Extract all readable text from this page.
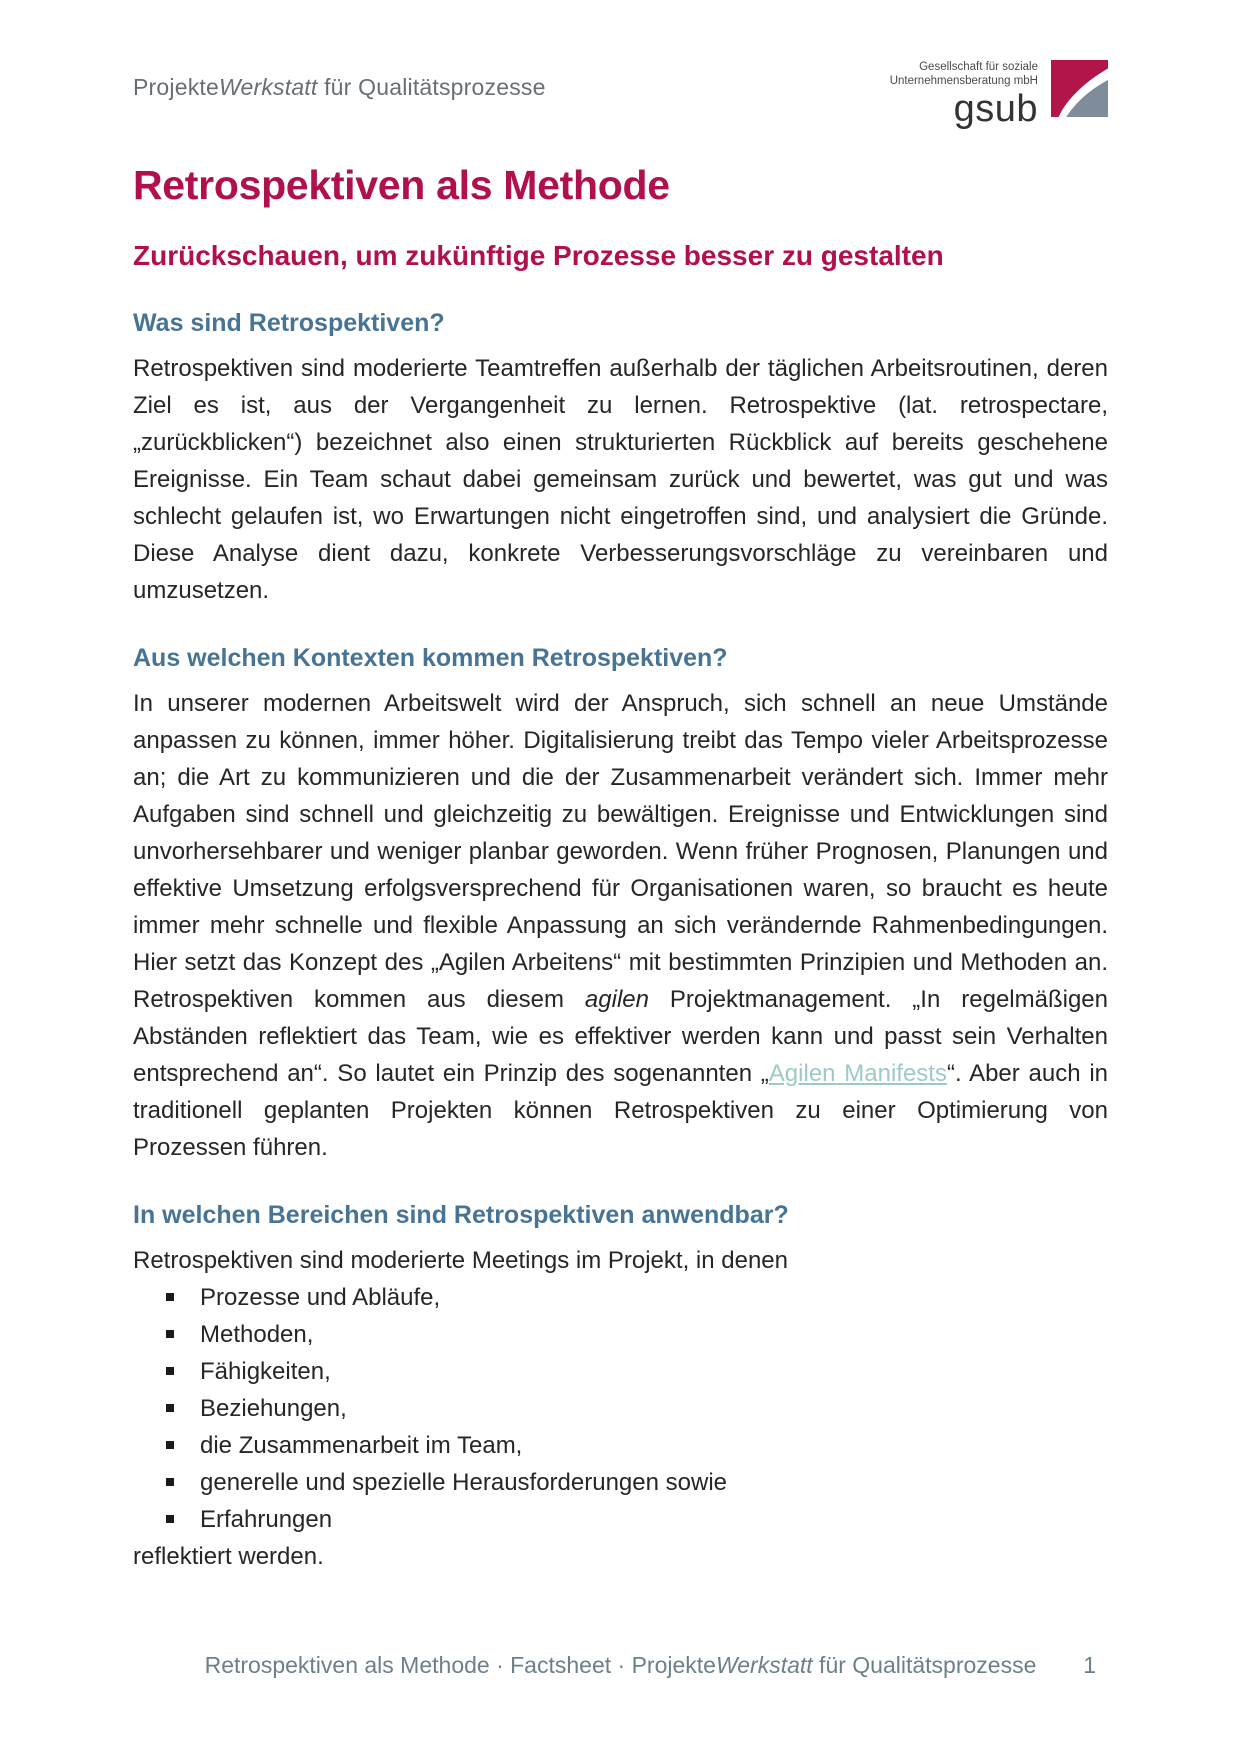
ProjekteWerkstatt für Qualitätsprozesse
Gesellschaft für soziale
Unternehmensberatung mbH
gsub
Retrospektiven als Methode
Zurückschauen, um zukünftige Prozesse besser zu gestalten
Was sind Retrospektiven?

Retrospektiven sind moderierte Teamtreffen außerhalb der täglichen Arbeitsroutinen, deren Ziel es ist, aus der Vergangenheit zu lernen. Retrospektive (lat. retrospectare, „zurückblicken“) bezeichnet also einen strukturierten Rückblick auf bereits geschehene Ereignisse. Ein Team schaut dabei gemeinsam zurück und bewertet, was gut und was schlecht gelaufen ist, wo Erwartungen nicht eingetroffen sind, und analysiert die Gründe. Diese Analyse dient dazu, konkrete Verbesserungsvorschläge zu vereinbaren und umzusetzen.

Aus welchen Kontexten kommen Retrospektiven?

In unserer modernen Arbeitswelt wird der Anspruch, sich schnell an neue Umstände anpassen zu können, immer höher. Digitalisierung treibt das Tempo vieler Arbeitsprozesse an; die Art zu kommunizieren und die der Zusammenarbeit verändert sich. Immer mehr Aufgaben sind schnell und gleichzeitig zu bewältigen. Ereignisse und Entwicklungen sind unvorhersehbarer und weniger planbar geworden. Wenn früher Prognosen, Planungen und effektive Umsetzung erfolgsversprechend für Organisationen waren, so braucht es heute immer mehr schnelle und flexible Anpassung an sich verändernde Rahmenbedingungen. Hier setzt das Konzept des „Agilen Arbeitens“ mit bestimmten Prinzipien und Methoden an. Retrospektiven kommen aus diesem agilen Projektmanagement. „In regelmäßigen Abständen reflektiert das Team, wie es effektiver werden kann und passt sein Verhalten entsprechend an“. So lautet ein Prinzip des sogenannten „Agilen Manifests“. Aber auch in traditionell geplanten Projekten können Retrospektiven zu einer Optimierung von Prozessen führen.

In welchen Bereichen sind Retrospektiven anwendbar?

Retrospektiven sind moderierte Meetings im Projekt, in denen

Prozesse und Abläufe,
Methoden,
Fähigkeiten,
Beziehungen,
die Zusammenarbeit im Team,
generelle und spezielle Herausforderungen sowie
Erfahrungen

reflektiert werden.

Retrospektiven als Methode · Factsheet · ProjekteWerkstatt für Qualitätsprozesse 1
